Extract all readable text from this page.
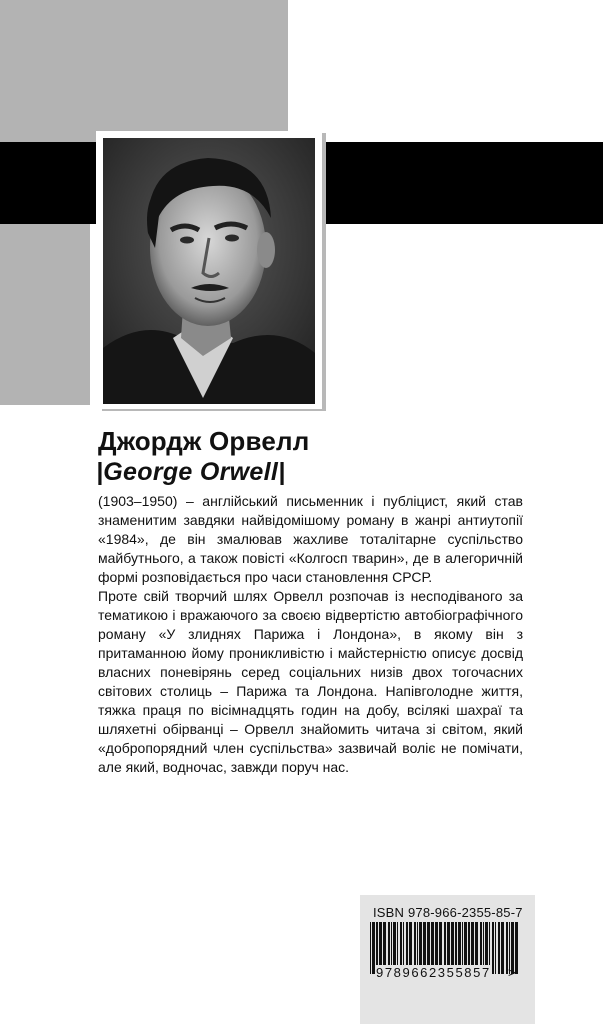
Джордж Орвелл
|George Orwell|

(1903–1950) – англійський письменник і публіцист, який став знаменитим завдяки найвідомішому роману в жанрі антиутопії «1984», де він змалював жахливе тоталітарне суспільство майбутнього, а також повісті «Колгосп тварин», де в алегоричній формі розповідається про часи становлення СРСР.

Проте свій творчий шлях Орвелл розпочав із несподіваного за тематикою і вражаючого за своєю відвертістю автобіографічного роману «У злиднях Парижа і Лондона», в якому він з притаманною йому проникливістю і майстерністю описує досвід власних поневірянь серед соціальних низів двох тогочасних світових столиць – Парижа та Лондона. Напівголодне життя, тяжка праця по вісімнадцять годин на добу, всілякі шахраї та шляхетні обірванці – Орвелл знайомить читача зі світом, який «добропорядний член суспільства» зазвичай воліє не помічати, але який, водночас, завжди поруч нас.

ISBN 978-966-2355-85-7
9789662355857 >
